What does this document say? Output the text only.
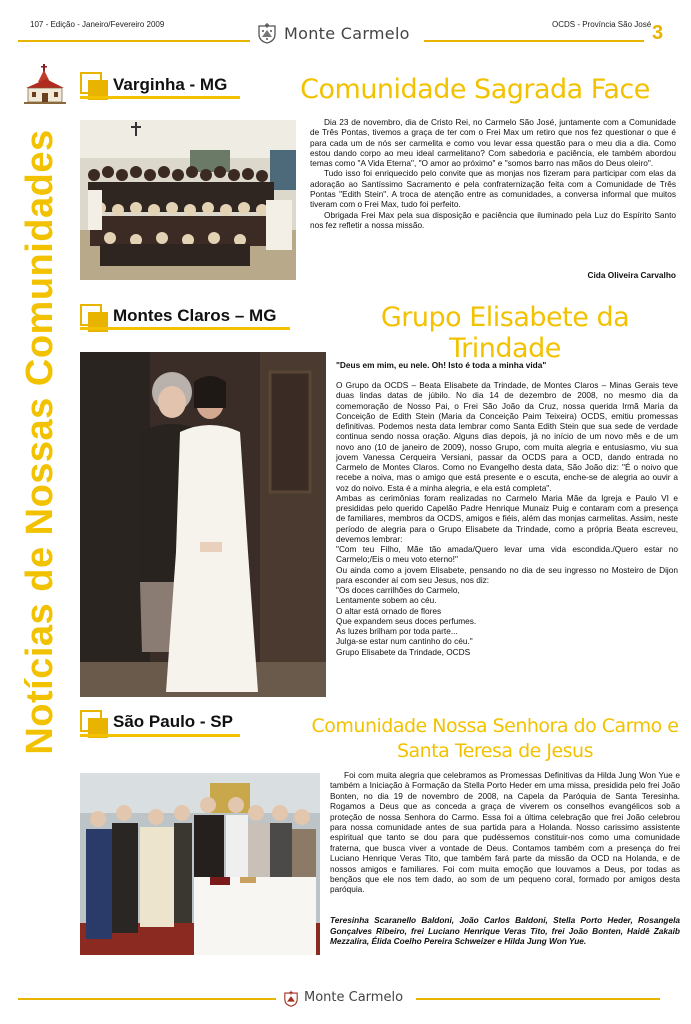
107 - Edição - Janeiro/Fevereiro 2009	Monte Carmelo	OCDS - Província São José 3
Notícias de Nossas Comunidades
Varginha - MG	Comunidade Sagrada Face

Dia 23 de novembro, dia de Cristo Rei, no Carmelo São José, juntamente com a Comunidade de Três Pontas, tivemos a graça de ter com o Frei Max um retiro que nos fez questionar o que é para cada um de nós ser carmelita e como vou levar essa questão para o meu dia a dia. Como estou dando corpo ao meu ideal carmelitano? Com sabedoria e paciência, ele também abordou temas como "A Vida Eterna", "O amor ao próximo" e "somos barro nas mãos do Deus oleiro".

Tudo isso foi enriquecido pelo convite que as monjas nos fizeram para participar com elas da adoração ao Santíssimo Sacramento e pela confraternização feita com a Comunidade de Três Pontas "Edith Stein". A troca de atenção entre as comunidades, a conversa informal que muitos tiveram com o Frei Max, tudo foi perfeito.

Obrigada Frei Max pela sua disposição e paciência que iluminado pela Luz do Espírito Santo nos fez refletir a nossa missão.

Cida Oliveira Carvalho
Montes Claros – MG	Grupo Elisabete da Trindade
"Deus em mim, eu nele. Oh! Isto é toda a minha vida"

O Grupo da OCDS – Beata Elisabete da Trindade, de Montes Claros – Minas Gerais teve duas lindas datas de júbilo. No dia 14 de dezembro de 2008, no mesmo dia da comemoração de Nosso Pai, o Frei São João da Cruz, nossa querida Irmã Maria da Conceição de Edith Stein (Maria da Conceição Paim Teixeira) OCDS, emitiu promessas definitivas. Podemos nesta data lembrar como Santa Edith Stein que sua sede de verdade continua sendo nossa oração. Alguns dias depois, já no início de um novo mês e de um novo ano (10 de janeiro de 2009), nosso Grupo, com muita alegria e entusiasmo, viu sua jovem Vanessa Cerqueira Versiani, passar da OCDS para a OCD, dando entrada no Carmelo de Montes Claros. Como no Evangelho desta data, São João diz: "É o noivo que recebe a noiva, mas o amigo que está presente e o escuta, enche-se de alegria ao ouvir a voz do noivo. Esta é a minha alegria, e ela está completa".

Ambas as cerimônias foram realizadas no Carmelo Maria Mãe da Igreja e Paulo VI e presididas pelo querido Capelão Padre Henrique Munaiz Puig e contaram com a presença de familiares, membros da OCDS, amigos e fiéis, além das monjas carmelitas. Assim, neste período de alegria para o Grupo Elisabete da Trindade, como a própria Beata escreveu, devemos lembrar:

"Com teu Filho, Mãe tão amada/Quero levar uma vida escondida./Quero estar no Carmelo;/Eis o meu voto eterno!"

Ou ainda como a jovem Elisabete, pensando no dia de seu ingresso no Mosteiro de Dijon para esconder aí com seu Jesus, nos diz:

"Os doces carrilhões do Carmelo,

Lentamente sobem ao céu.

O altar está ornado de flores

Que expandem seus doces perfumes.

As luzes brilham por toda parte...

Julga-se estar num cantinho do céu."

Grupo Elisabete da Trindade, OCDS

São Paulo - SP	Comunidade Nossa Senhora do Carmo e
Santa Teresa de Jesus

Foi com muita alegria que celebramos as Promessas Definitivas da Hilda Jung Won Yue e também a Iniciação à Formação da Stella Porto Heder em uma missa, presidida pelo frei João Bonten, no dia 19 de novembro de 2008, na Capela da Paróquia de Santa Teresinha. Rogamos a Deus que as conceda a graça de viverem os conselhos evangélicos sob a proteção de nossa Senhora do Carmo. Essa foi a última celebração que frei João celebrou para nossa comunidade antes de sua partida para a Holanda. Nosso carissimo assistente espiritual que tanto se dou para que pudéssemos constituir-nos como uma comunidade fraterna, que busca viver a vontade de Deus. Contamos também com a presença do frei Luciano Henrique Veras Tito, que também fará parte da missão da OCD na Holanda, e de nossos amigos e familiares. Foi com muita emoção que louvamos a Deus, por todas as bençãos que ele nos tem dado, ao som de um pequeno coral, formado por amigos desta paróquia.

Teresinha Scaranello Baldoni, João Carlos Baldoni, Stella Porto Heder, Rosangela Gonçalves Ribeiro, frei Luciano Henrique Veras Tito, frei João Bonten, Haidê Zakaib Mezzalira, Élida Coelho Pereira Schweizer e Hilda Jung Won Yue.
Monte Carmelo
